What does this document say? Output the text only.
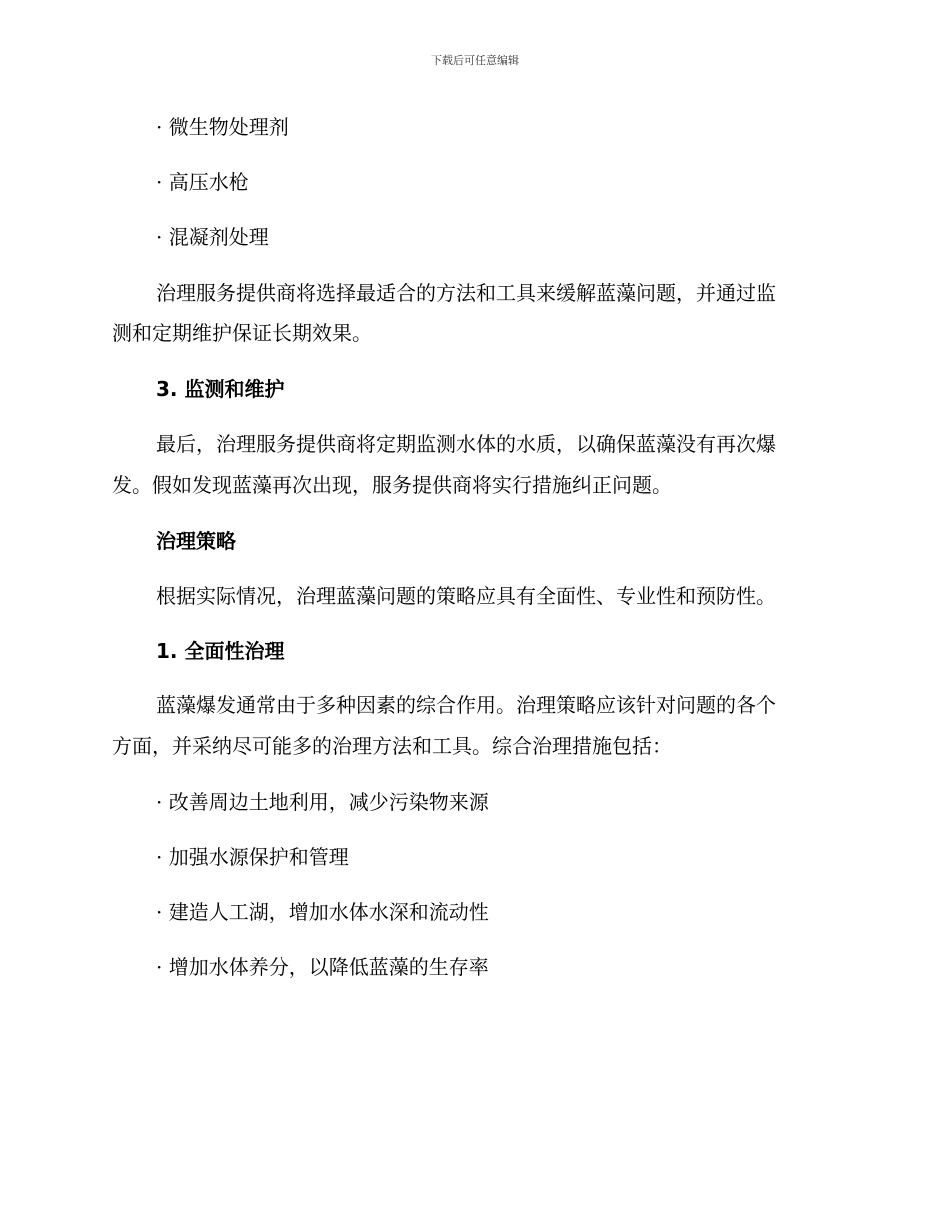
下载后可任意编辑
· 微生物处理剂
· 高压水枪
· 混凝剂处理
治理服务提供商将选择最适合的方法和工具来缓解蓝藻问题，并通过监
测和定期维护保证长期效果。
3. 监测和维护
最后，治理服务提供商将定期监测水体的水质，以确保蓝藻没有再次爆
发。假如发现蓝藻再次出现，服务提供商将实行措施纠正问题。
治理策略
根据实际情况，治理蓝藻问题的策略应具有全面性、专业性和预防性。
1. 全面性治理
蓝藻爆发通常由于多种因素的综合作用。治理策略应该针对问题的各个
方面，并采纳尽可能多的治理方法和工具。综合治理措施包括：
· 改善周边土地利用，减少污染物来源
· 加强水源保护和管理
· 建造人工湖，增加水体水深和流动性
· 增加水体养分，以降低蓝藻的生存率
